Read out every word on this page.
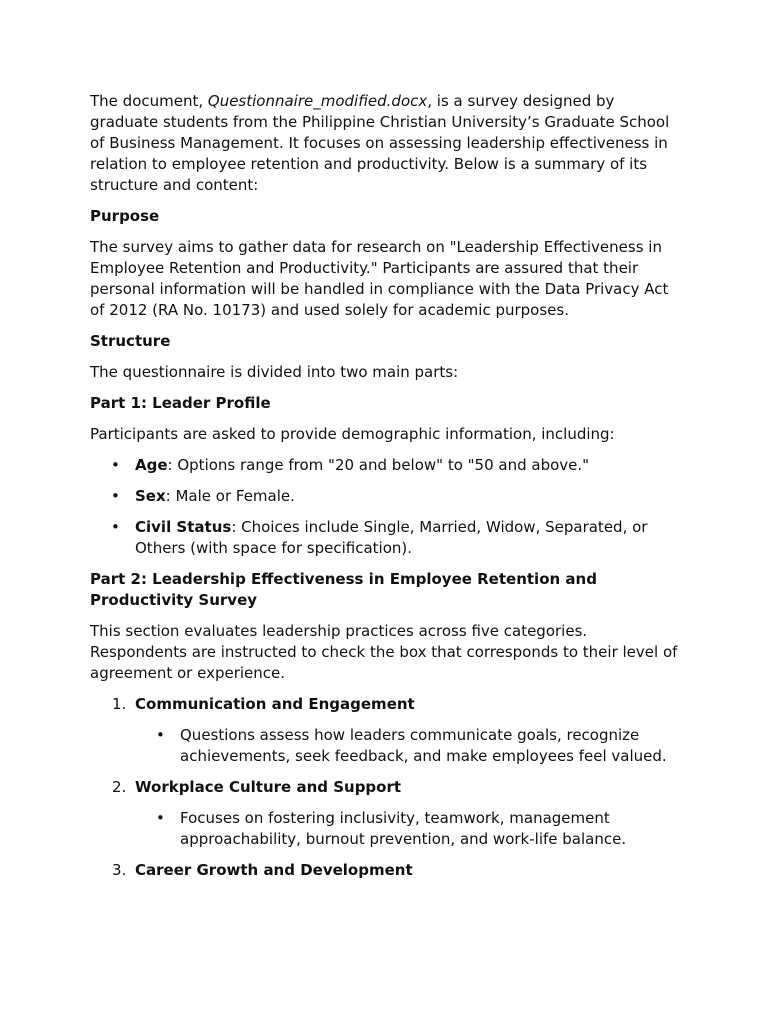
The document, Questionnaire_modified.docx, is a survey designed by graduate students from the Philippine Christian University’s Graduate School of Business Management. It focuses on assessing leadership effectiveness in relation to employee retention and productivity. Below is a summary of its structure and content:

Purpose

The survey aims to gather data for research on "Leadership Effectiveness in Employee Retention and Productivity." Participants are assured that their personal information will be handled in compliance with the Data Privacy Act of 2012 (RA No. 10173) and used solely for academic purposes.

Structure

The questionnaire is divided into two main parts:

Part 1: Leader Profile

Participants are asked to provide demographic information, including:

• Age: Options range from "20 and below" to "50 and above."
• Sex: Male or Female.
• Civil Status: Choices include Single, Married, Widow, Separated, or Others (with space for specification).
Part 2: Leadership Effectiveness in Employee Retention and Productivity Survey

This section evaluates leadership practices across five categories. Respondents are instructed to check the box that corresponds to their level of agreement or experience.

1. Communication and Engagement
• Questions assess how leaders communicate goals, recognize achievements, seek feedback, and make employees feel valued.
2. Workplace Culture and Support
• Focuses on fostering inclusivity, teamwork, management approachability, burnout prevention, and work-life balance.
3. Career Growth and Development
